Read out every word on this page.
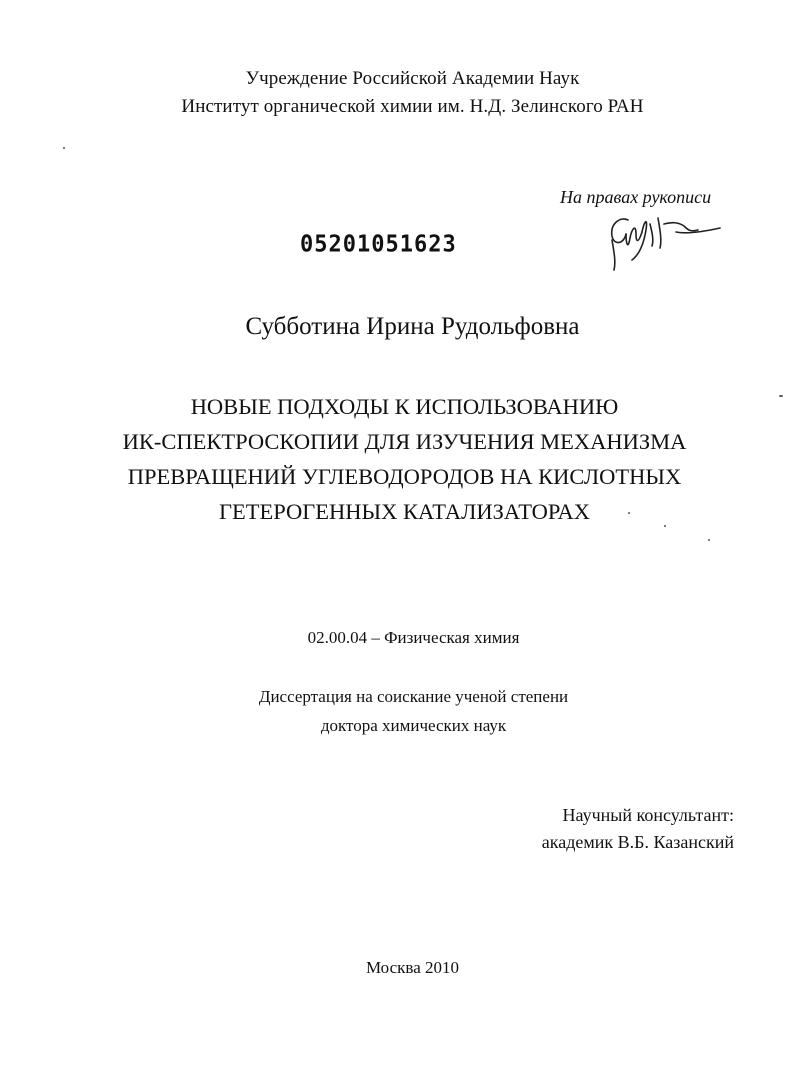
Учреждение Российской Академии Наук
Институт органической химии им. Н.Д. Зелинского РАН
На правах рукописи
05201051623
Субботина Ирина Рудольфовна
НОВЫЕ ПОДХОДЫ К ИСПОЛЬЗОВАНИЮ
ИК-СПЕКТРОСКОПИИ ДЛЯ ИЗУЧЕНИЯ МЕХАНИЗМА
ПРЕВРАЩЕНИЙ УГЛЕВОДОРОДОВ НА КИСЛОТНЫХ
ГЕТЕРОГЕННЫХ КАТАЛИЗАТОРАХ
02.00.04 – Физическая химия
Диссертация на соискание ученой степени
доктора химических наук
Научный консультант:
академик В.Б. Казанский
Москва 2010
